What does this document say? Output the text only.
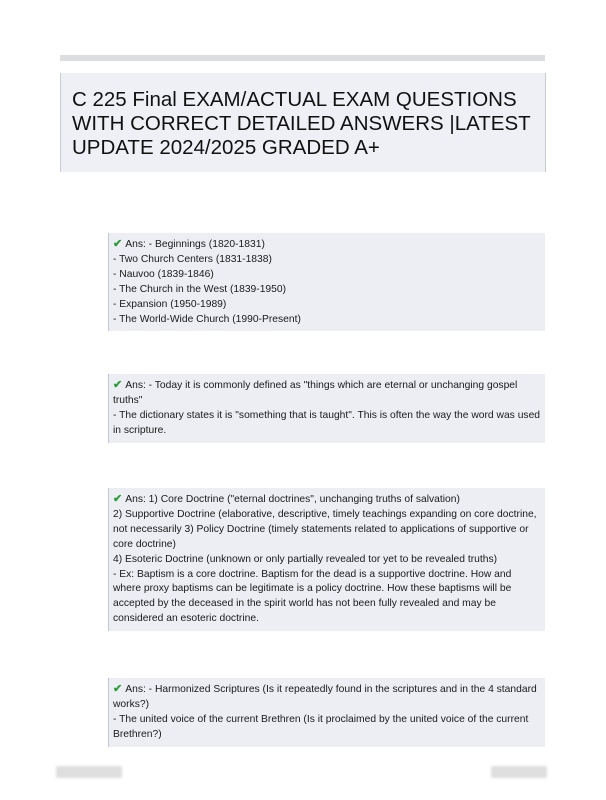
C 225 Final EXAM/ACTUAL EXAM QUESTIONS
WITH CORRECT DETAILED ANSWERS |LATEST
UPDATE 2024/2025 GRADED A+

✔ Ans: - Beginnings (1820-1831)

- Two Church Centers (1831-1838)

- Nauvoo (1839-1846)

- The Church in the West (1839-1950)

- Expansion (1950-1989)

- The World-Wide Church (1990-Present)

✔ Ans: - Today it is commonly defined as "things which are eternal or unchanging gospel truths"

- The dictionary states it is "something that is taught". This is often the way the word was used in scripture.

✔ Ans: 1) Core Doctrine ("eternal doctrines", unchanging truths of salvation)

2) Supportive Doctrine (elaborative, descriptive, timely teachings expanding on core doctrine, not necessarily 3) Policy Doctrine (timely statements related to applications of supportive or core doctrine)

4) Esoteric Doctrine (unknown or only partially revealed tor yet to be revealed truths)

- Ex: Baptism is a core doctrine. Baptism for the dead is a supportive doctrine. How and where proxy baptisms can be legitimate is a policy doctrine. How these baptisms will be accepted by the deceased in the spirit world has not been fully revealed and may be considered an esoteric doctrine.

✔ Ans: - Harmonized Scriptures (Is it repeatedly found in the scriptures and in the 4 standard works?)

- The united voice of the current Brethren (Is it proclaimed by the united voice of the current Brethren?)
